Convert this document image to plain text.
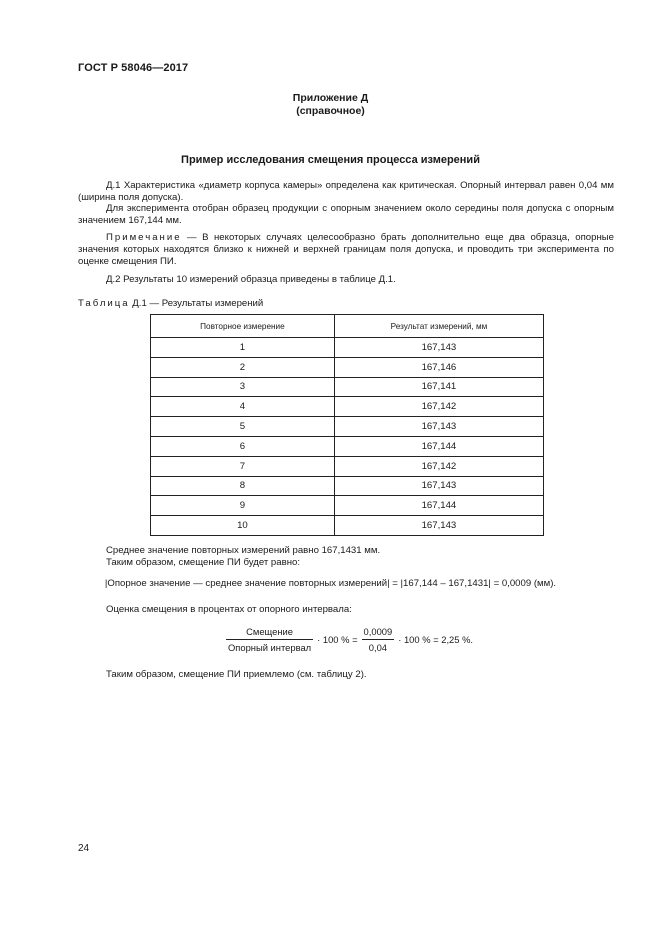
ГОСТ Р 58046—2017
Приложение Д
(справочное)
Пример исследования смещения процесса измерений
Д.1 Характеристика «диаметр корпуса камеры» определена как критическая. Опорный интервал равен 0,04 мм (ширина поля допуска).
Для эксперимента отобран образец продукции с опорным значением около середины поля допуска с опорным значением 167,144 мм.
Примечание — В некоторых случаях целесообразно брать дополнительно еще два образца, опорные значения которых находятся близко к нижней и верхней границам поля допуска, и проводить три эксперимента по оценке смещения ПИ.
Д.2 Результаты 10 измерений образца приведены в таблице Д.1.
Таблица Д.1 — Результаты измерений
Повторное измерение	Результат измерений, мм
1	167,143
2	167,146
3	167,141
4	167,142
5	167,143
6	167,144
7	167,142
8	167,143
9	167,144
10	167,143
Среднее значение повторных измерений равно 167,1431 мм.
Таким образом, смещение ПИ будет равно:
|Опорное значение — среднее значение повторных измерений| = |167,144 – 167,1431| = 0,0009 (мм).
Оценка смещения в процентах от опорного интервала:
$\frac{\text{Смещение}}{\text{Опорный интервал}} \cdot 100$ % = $\frac{0,0009}{0,04} \cdot 100$ % = 2,25 %.
Таким образом, смещение ПИ приемлемо (см. таблицу 2).
24
